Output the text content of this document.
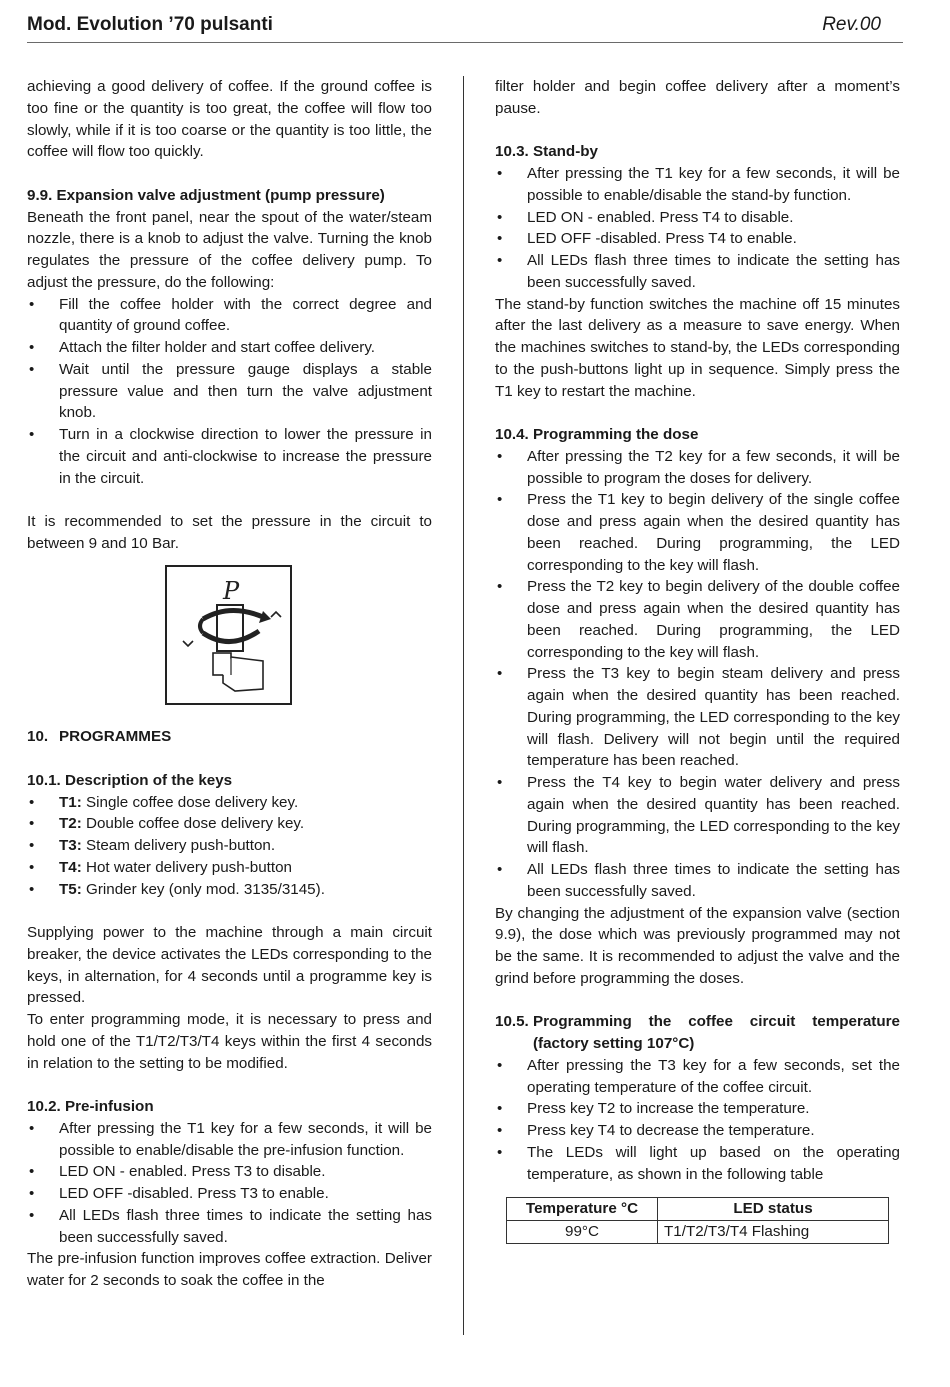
Mod. Evolution ’70 pulsanti	Rev.00

achieving a good delivery of coffee. If the ground coffee is too fine or the quantity is too great, the coffee will flow too slowly, while if it is too coarse or the quantity is too little, the coffee will flow too quickly.

9.9. Expansion valve adjustment (pump pressure)

Beneath the front panel, near the spout of the water/steam nozzle, there is a knob to adjust the valve. Turning the knob regulates the pressure of the coffee delivery pump. To adjust the pressure, do the following:

• Fill the coffee holder with the correct degree and quantity of ground coffee.
• Attach the filter holder and start coffee delivery.
• Wait until the pressure gauge displays a stable pressure value and then turn the valve adjustment knob.
• Turn in a clockwise direction to lower the pressure in the circuit and anti-clockwise to increase the pressure in the circuit.

It is recommended to set the pressure in the circuit to between 9 and 10 Bar.

P

10. PROGRAMMES

10.1. Description of the keys

• T1: Single coffee dose delivery key.
• T2: Double coffee dose delivery key.
• T3: Steam delivery push-button.
• T4: Hot water delivery push-button
• T5: Grinder key (only mod. 3135/3145).

Supplying power to the machine through a main circuit breaker, the device activates the LEDs corresponding to the keys, in alternation, for 4 seconds until a programme key is pressed.

To enter programming mode, it is necessary to press and hold one of the T1/T2/T3/T4 keys within the first 4 seconds in relation to the setting to be modified.

10.2. Pre-infusion

• After pressing the T1 key for a few seconds, it will be possible to enable/disable the pre-infusion function.
• LED ON - enabled. Press T3 to disable.
• LED OFF -disabled. Press T3 to enable.
• All LEDs flash three times to indicate the setting has been successfully saved.

The pre-infusion function improves coffee extraction. Deliver water for 2 seconds to soak the coffee in the

filter holder and begin coffee delivery after a moment’s pause.

10.3. Stand-by

• After pressing the T1 key for a few seconds, it will be possible to enable/disable the stand-by function.
• LED ON - enabled. Press T4 to disable.
• LED OFF -disabled. Press T4 to enable.
• All LEDs flash three times to indicate the setting has been successfully saved.

The stand-by function switches the machine off 15 minutes after the last delivery as a measure to save energy. When the machines switches to stand-by, the LEDs corresponding to the push-buttons light up in sequence. Simply press the T1 key to restart the machine.

10.4. Programming the dose

• After pressing the T2 key for a few seconds, it will be possible to program the doses for delivery.
• Press the T1 key to begin delivery of the single coffee dose and press again when the desired quantity has been reached. During programming, the LED corresponding to the key will flash.
• Press the T2 key to begin delivery of the double coffee dose and press again when the desired quantity has been reached. During programming, the LED corresponding to the key will flash.
• Press the T3 key to begin steam delivery and press again when the desired quantity has been reached. During programming, the LED corresponding to the key will flash. Delivery will not begin until the required temperature has been reached.
• Press the T4 key to begin water delivery and press again when the desired quantity has been reached. During programming, the LED corresponding to the key will flash.
• All LEDs flash three times to indicate the setting has been successfully saved.

By changing the adjustment of the expansion valve (section 9.9), the dose which was previously programmed may not be the same. It is recommended to adjust the valve and the grind before programming the doses.

10.5. Programming the coffee circuit temperature

(factory setting 107°C)

• After pressing the T3 key for a few seconds, set the operating temperature of the coffee circuit.
• Press key T2 to increase the temperature.
• Press key T4 to decrease the temperature.
• The LEDs will light up based on the operating temperature, as shown in the following table
Temperature °C	LED status
99°C	T1/T2/T3/T4 Flashing
